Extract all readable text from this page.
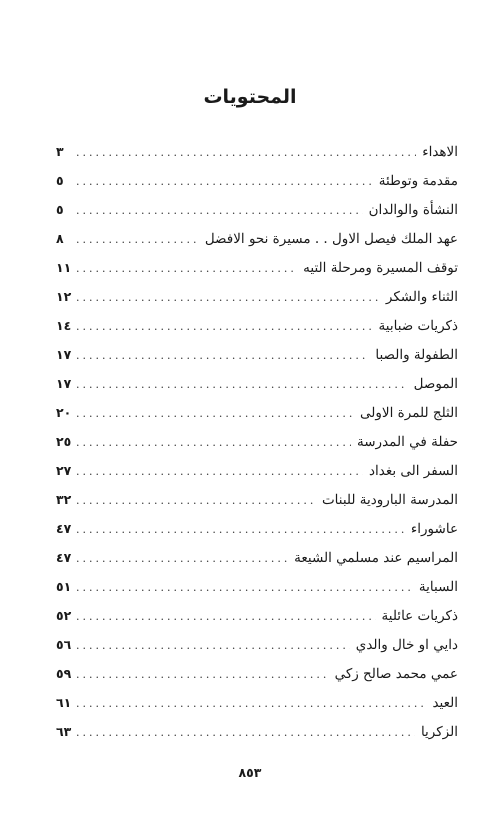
المحتويات
الاهداء
.....
٣
مقدمة وتوطئة
.....
٥
النشأة والوالدان
.....
٥
عهد الملك فيصل الاول . . مسيرة نحو الافضل
.....
٨
توقف المسيرة ومرحلة التيه
.....
١١
الثناء والشكر
.....
١٢
ذكريات ضبابية
.....
١٤
الطفولة والصبا
.....
١٧
الموصل
.....
١٧
الثلج للمرة الاولى
.....
٢٠
حفلة في المدرسة
.....
٢٥
السفر الى بغداد
.....
٢٧
المدرسة البارودية للبنات
.....
٣٢
عاشوراء
.....
٤٧
المراسيم عند مسلمي الشيعة
.....
٤٧
السباية
.....
٥١
ذكريات عائلية
.....
٥٢
دايي او خال والدي
.....
٥٦
عمي محمد صالح زكي
.....
٥٩
العيد
.....
٦١
الزكريا
.....
٦٣
٨٥٣
